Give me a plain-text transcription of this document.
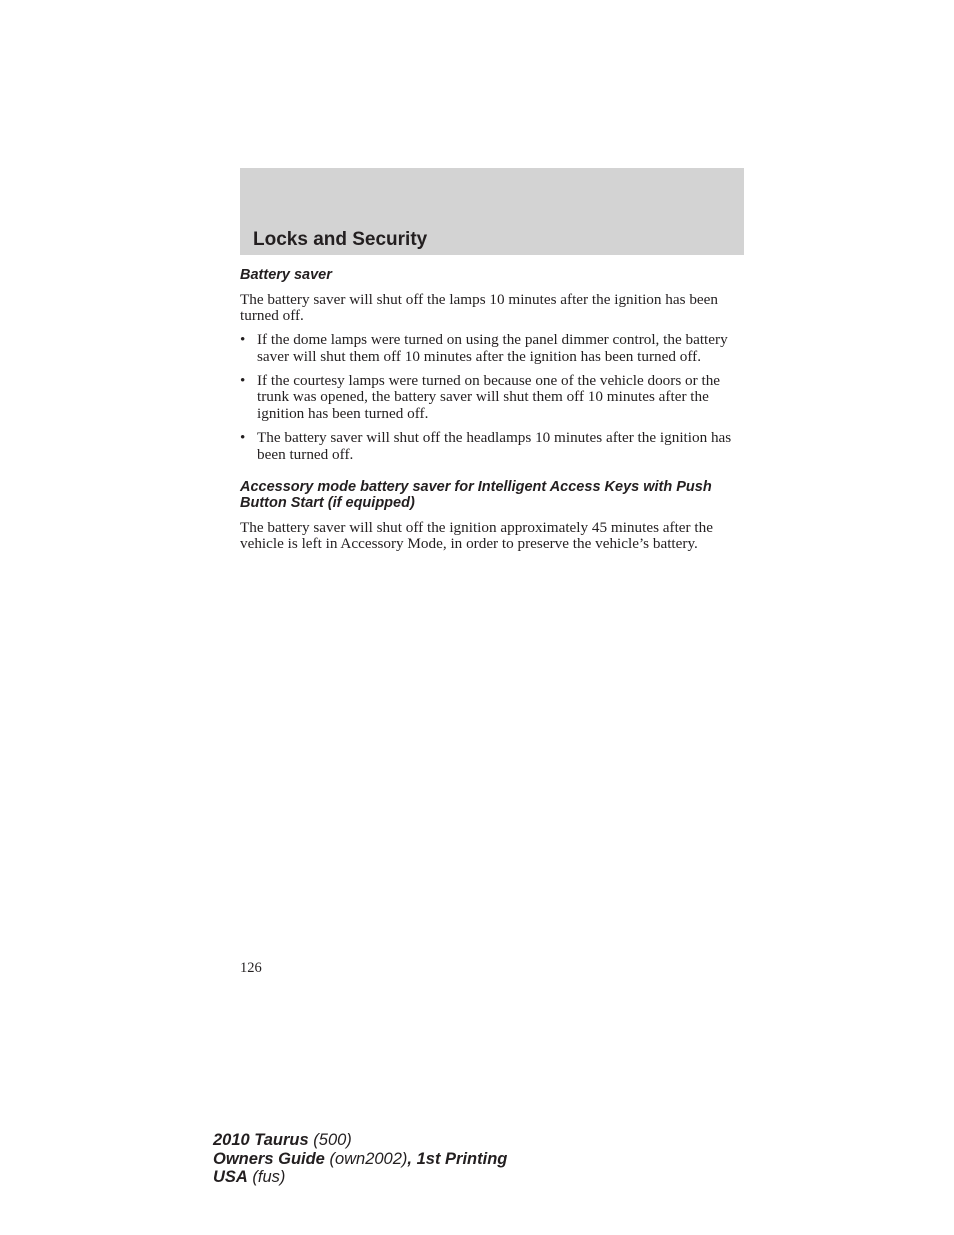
Locks and Security
Battery saver

The battery saver will shut off the lamps 10 minutes after the ignition has been turned off.

• If the dome lamps were turned on using the panel dimmer control, the battery saver will shut them off 10 minutes after the ignition has been turned off.
• If the courtesy lamps were turned on because one of the vehicle doors or the trunk was opened, the battery saver will shut them off 10 minutes after the ignition has been turned off.
• The battery saver will shut off the headlamps 10 minutes after the ignition has been turned off.
Accessory mode battery saver for Intelligent Access Keys with Push Button Start (if equipped)

The battery saver will shut off the ignition approximately 45 minutes after the vehicle is left in Accessory Mode, in order to preserve the vehicle’s battery.

126
2010 Taurus (500)
Owners Guide (own2002), 1st Printing
USA (fus)
